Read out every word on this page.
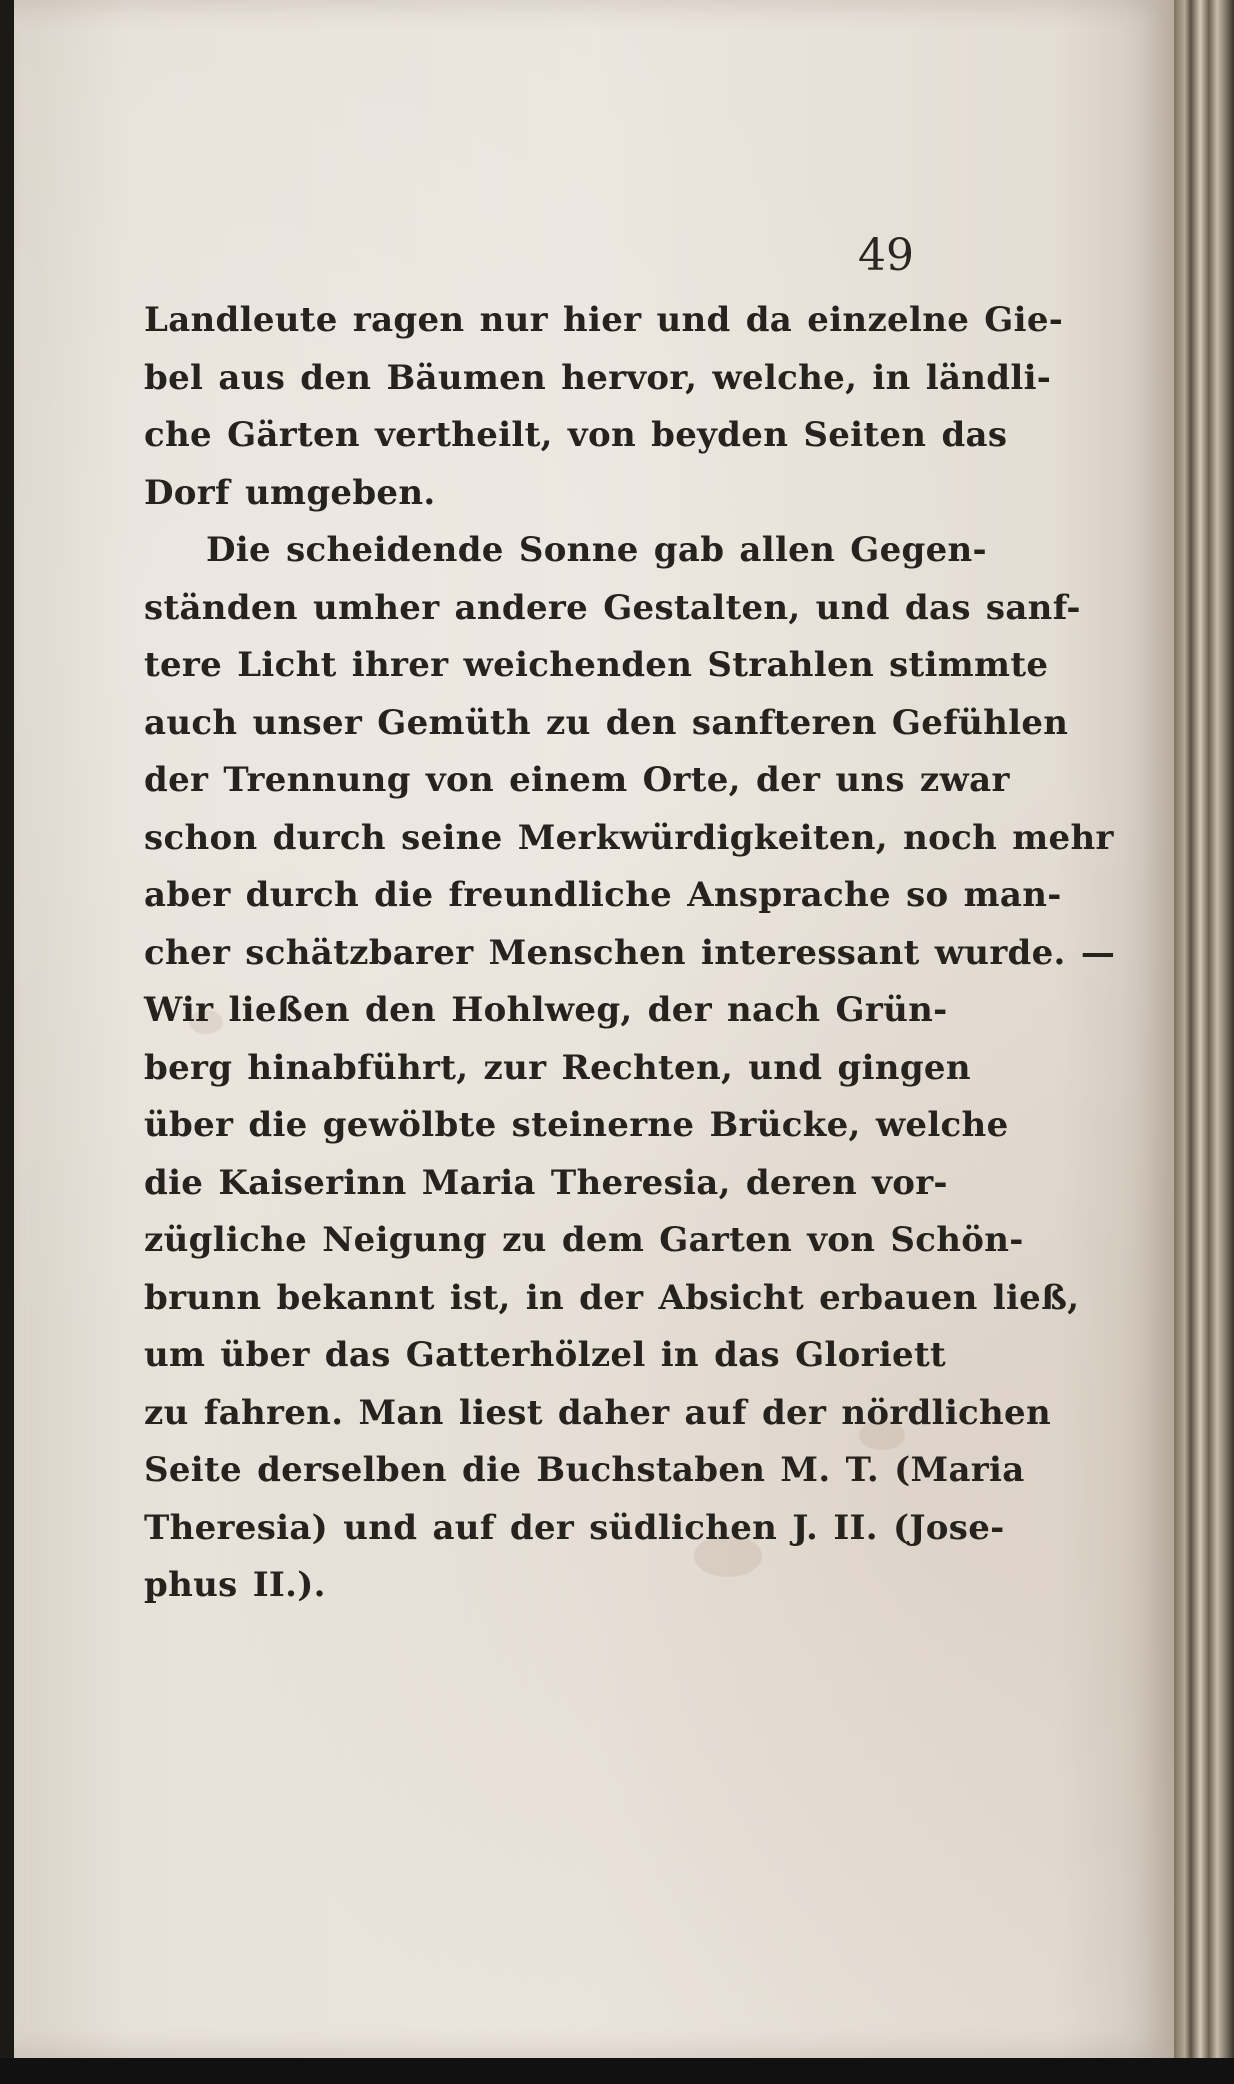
49
Landleute ragen nur hier und da einzelne Gie-
bel aus den Bäumen hervor, welche, in ländli-
che Gärten vertheilt, von beyden Seiten das
Dorf umgeben.
Die scheidende Sonne gab allen Gegen-
ständen umher andere Gestalten, und das sanf-
tere Licht ihrer weichenden Strahlen stimmte
auch unser Gemüth zu den sanfteren Gefühlen
der Trennung von einem Orte, der uns zwar
schon durch seine Merkwürdigkeiten, noch mehr
aber durch die freundliche Ansprache so man-
cher schätzbarer Menschen interessant wurde. —
Wir ließen den Hohlweg, der nach Grün-
berg hinabführt, zur Rechten, und gingen
über die gewölbte steinerne Brücke, welche
die Kaiserinn Maria Theresia, deren vor-
zügliche Neigung zu dem Garten von Schön-
brunn bekannt ist, in der Absicht erbauen ließ,
um über das Gatterhölzel in das Gloriett
zu fahren. Man liest daher auf der nördlichen
Seite derselben die Buchstaben M. T. (Maria
Theresia) und auf der südlichen J. II. (Jose-
phus II.).
